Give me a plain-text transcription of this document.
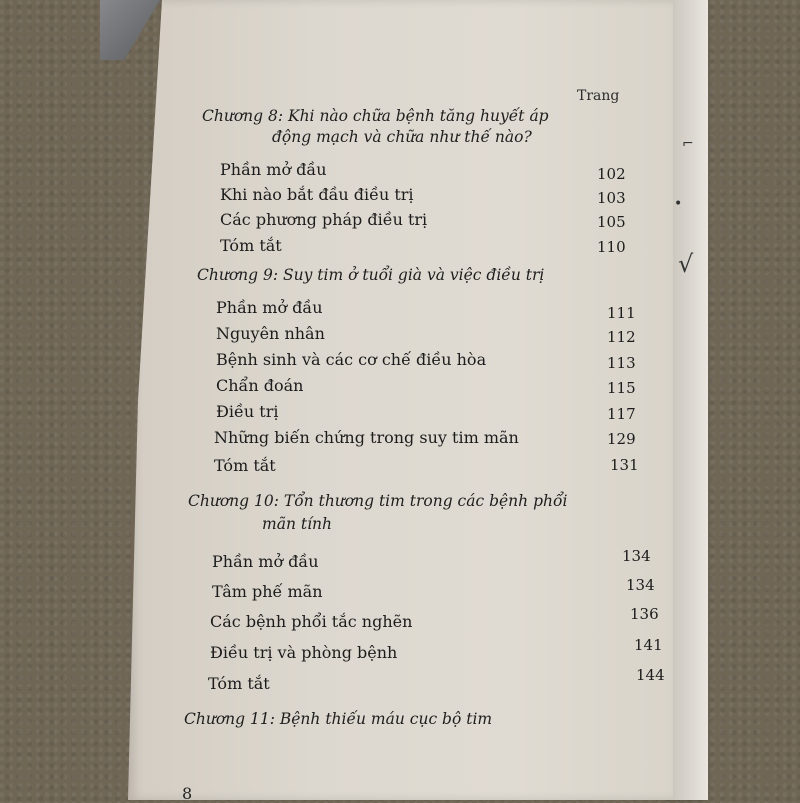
⌐
•
√
Trang
Chương 8: Khi nào chữa bệnh tăng huyết áp
động mạch và chữa như thế nào?
Phần mở đầu	102
Khi nào bắt đầu điều trị	103
Các phương pháp điều trị	105
Tóm tắt	110
Chương 9: Suy tim ở tuổi già và việc điều trị
Phần mở đầu	111
Nguyên nhân	112
Bệnh sinh và các cơ chế điều hòa	113
Chẩn đoán	115
Điều trị	117
Những biến chứng trong suy tim mãn	129
Tóm tắt	131
Chương 10: Tổn thương tim trong các bệnh phổi
mãn tính
Phần mở đầu	134
Tâm phế mãn	134
Các bệnh phổi tắc nghẽn	136
Điều trị và phòng bệnh	141
Tóm tắt	144
Chương 11: Bệnh thiếu máu cục bộ tim
8
